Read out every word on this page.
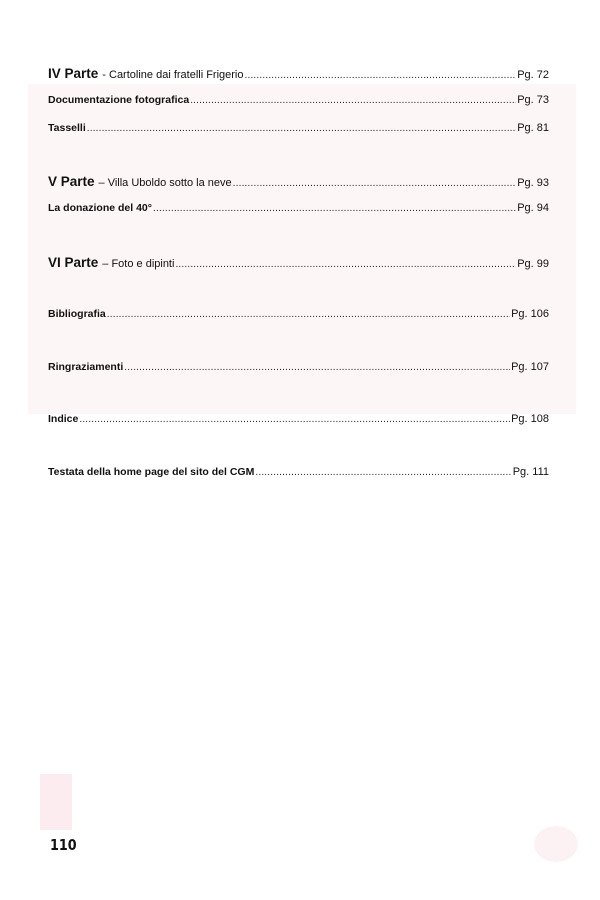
IV Parte - Cartoline dai fratelli Frigerio .....	Pg. 72
Documentazione fotografica .....	Pg. 73
Tasselli .....	Pg. 81
V Parte – Villa Uboldo sotto la neve .....	Pg. 93
La donazione del 40° .....	Pg. 94
VI Parte – Foto e dipinti .....	Pg. 99
Bibliografia .....	Pg. 106
Ringraziamenti .....	Pg. 107
Indice .....	Pg. 108
Testata della home page del sito del CGM .....	Pg. 111
110
